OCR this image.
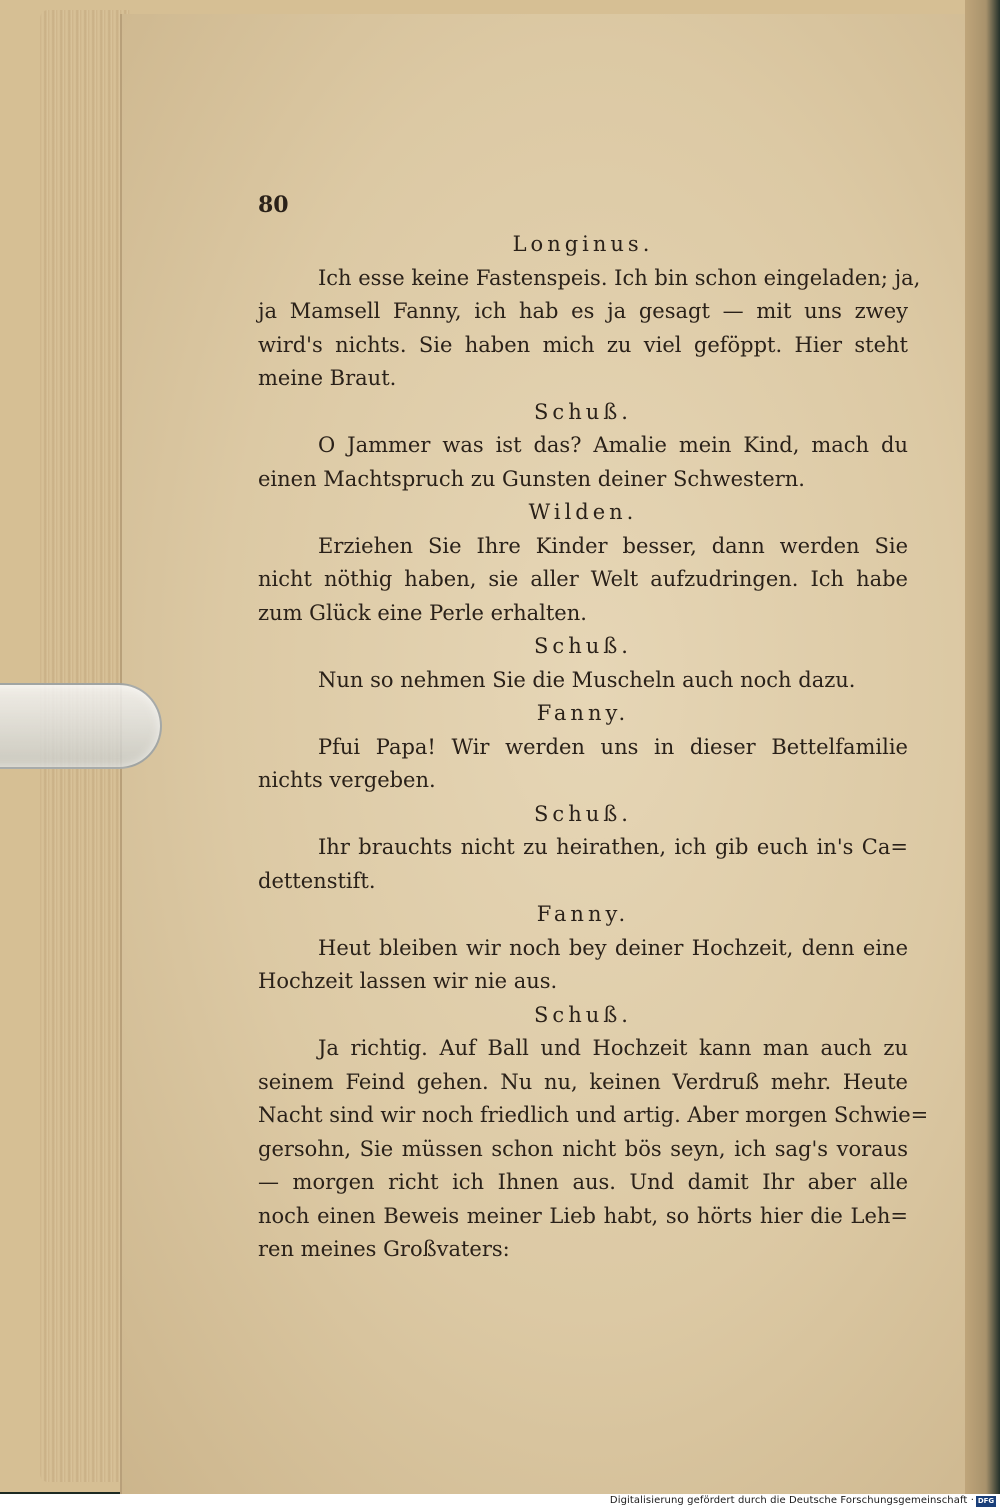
80
Longinus.
Ich esse keine Fastenspeis. Ich bin schon eingeladen; ja,
ja Mamsell Fanny, ich hab es ja gesagt — mit uns zwey
wird's nichts. Sie haben mich zu viel geföppt. Hier steht
meine Braut.
Schuß.
O Jammer was ist das? Amalie mein Kind, mach du
einen Machtspruch zu Gunsten deiner Schwestern.
Wilden.
Erziehen Sie Ihre Kinder besser, dann werden Sie
nicht nöthig haben, sie aller Welt aufzudringen. Ich habe
zum Glück eine Perle erhalten.
Schuß.
Nun so nehmen Sie die Muscheln auch noch dazu.
Fanny.
Pfui Papa! Wir werden uns in dieser Bettelfamilie
nichts vergeben.
Schuß.
Ihr brauchts nicht zu heirathen, ich gib euch in's Ca=
dettenstift.
Fanny.
Heut bleiben wir noch bey deiner Hochzeit, denn eine
Hochzeit lassen wir nie aus.
Schuß.
Ja richtig. Auf Ball und Hochzeit kann man auch zu
seinem Feind gehen. Nu nu, keinen Verdruß mehr. Heute
Nacht sind wir noch friedlich und artig. Aber morgen Schwie=
gersohn, Sie müssen schon nicht bös seyn, ich sag's voraus
— morgen richt ich Ihnen aus. Und damit Ihr aber alle
noch einen Beweis meiner Lieb habt, so hörts hier die Leh=
ren meines Großvaters:
Digitalisierung gefördert durch die Deutsche Forschungsgemeinschaft · DFG
